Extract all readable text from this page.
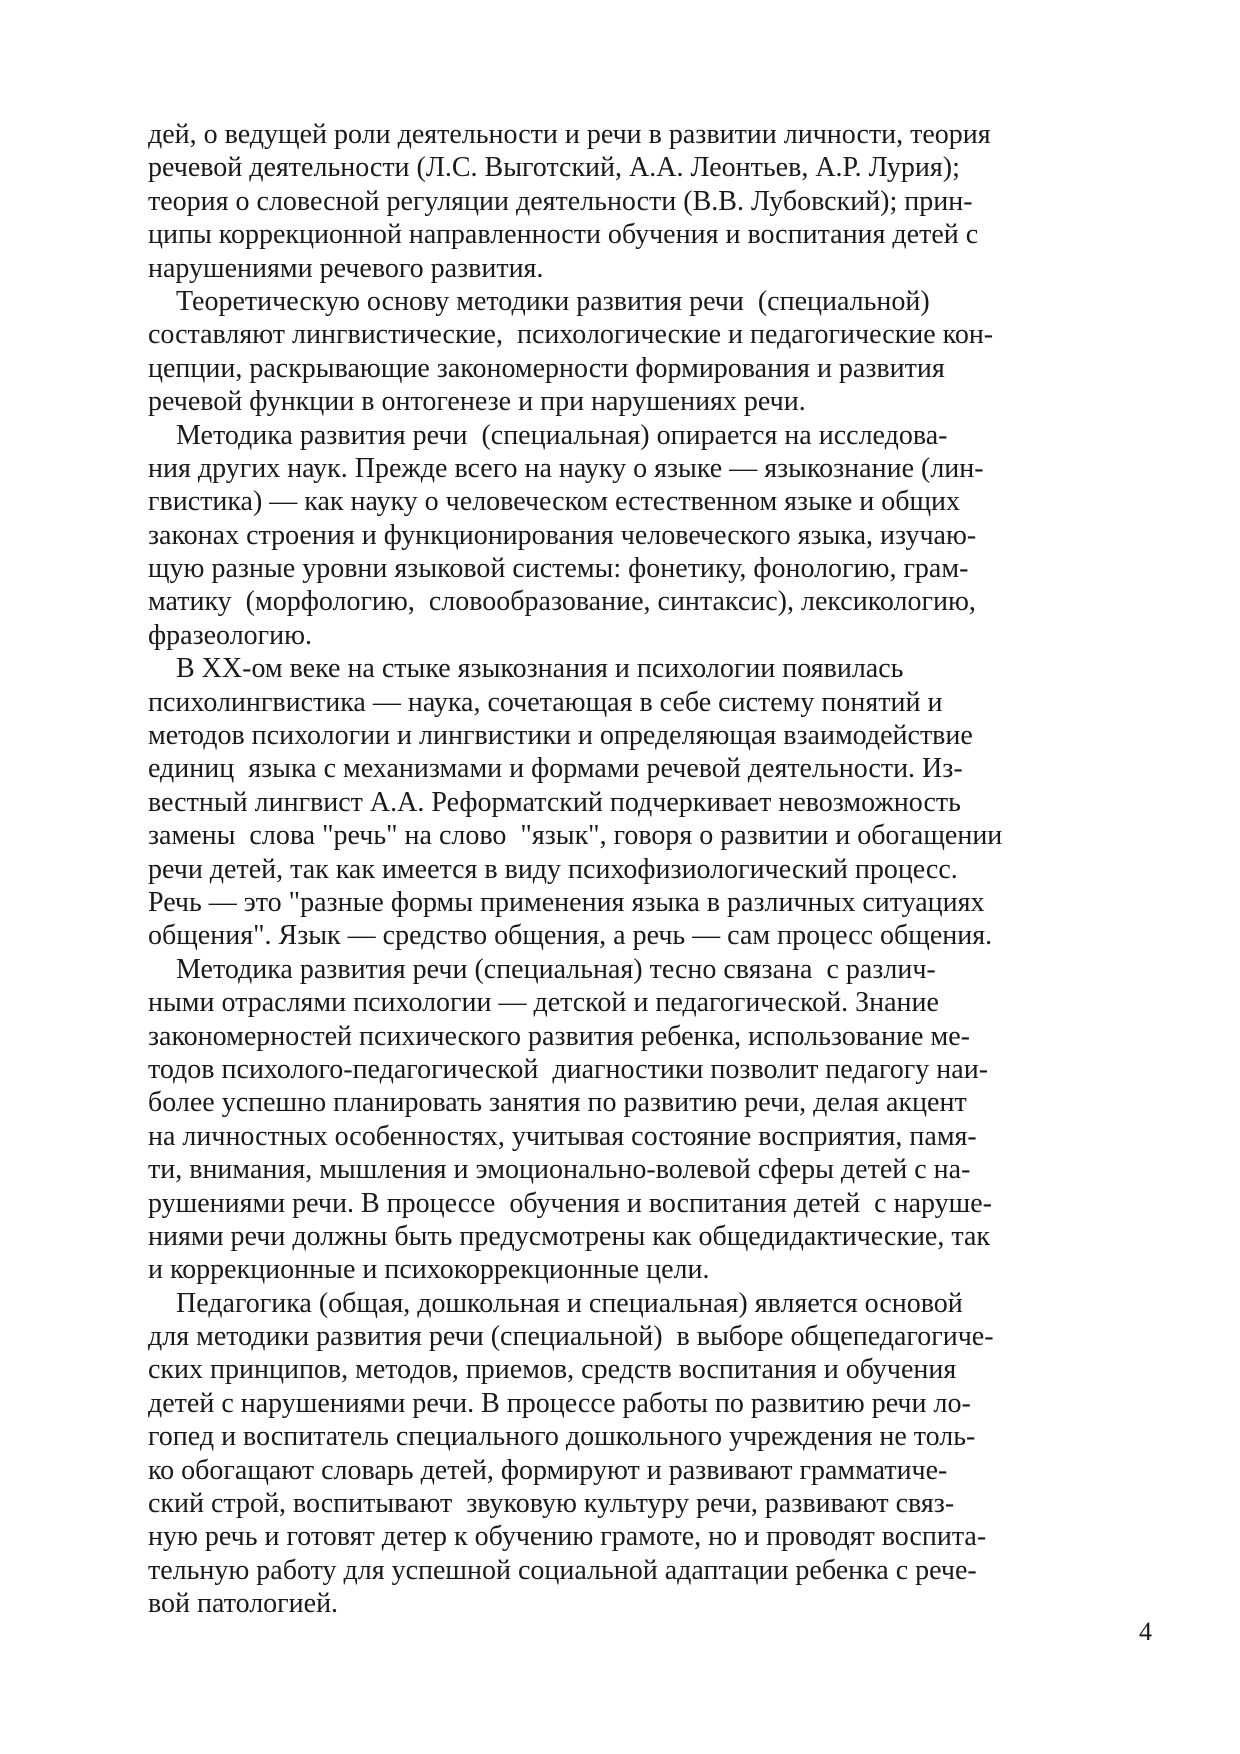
дей, о ведущей роли деятельности и речи в развитии личности, теория
речевой деятельности (Л.С. Выготский, А.А. Леонтьев, А.Р. Лурия);
теория о словесной регуляции деятельности (В.В. Лубовский); прин-
ципы коррекционной направленности обучения и воспитания детей с
нарушениями речевого развития.
Теоретическую основу методики развития речи  (специальной)
составляют лингвистические,  психологические и педагогические кон-
цепции, раскрывающие закономерности формирования и развития
речевой функции в онтогенезе и при нарушениях речи.
Методика развития речи  (специальная) опирается на исследова-
ния других наук. Прежде всего на науку о языке — языкознание (лин-
гвистика) — как науку о человеческом естественном языке и общих
законах строения и функционирования человеческого языка, изучаю-
щую разные уровни языковой системы: фонетику, фонологию, грам-
матику  (морфологию,  словообразование, синтаксис), лексикологию,
фразеологию.
В XX-ом веке на стыке языкознания и психологии появилась
психолингвистика — наука, сочетающая в себе систему понятий и
методов психологии и лингвистики и определяющая взаимодействие
единиц  языка с механизмами и формами речевой деятельности. Из-
вестный лингвист А.А. Реформатский подчеркивает невозможность
замены  слова "речь" на слово  "язык", говоря о развитии и обогащении
речи детей, так как имеется в виду психофизиологический процесс.
Речь — это "разные формы применения языка в различных ситуациях
общения". Язык — средство общения, а речь — сам процесс общения.
Методика развития речи (специальная) тесно связана  с различ-
ными отраслями психологии — детской и педагогической. Знание
закономерностей психического развития ребенка, использование ме-
тодов психолого-педагогической  диагностики позволит педагогу наи-
более успешно планировать занятия по развитию речи, делая акцент
на личностных особенностях, учитывая состояние восприятия, памя-
ти, внимания, мышления и эмоционально-волевой сферы детей с на-
рушениями речи. В процессе  обучения и воспитания детей  с наруше-
ниями речи должны быть предусмотрены как общедидактические, так
и коррекционные и психокоррекционные цели.
Педагогика (общая, дошкольная и специальная) является основой
для методики развития речи (специальной)  в выборе общепедагогиче-
ских принципов, методов, приемов, средств воспитания и обучения
детей с нарушениями речи. В процессе работы по развитию речи ло-
гопед и воспитатель специального дошкольного учреждения не толь-
ко обогащают словарь детей, формируют и развивают грамматиче-
ский строй, воспитывают  звуковую культуру речи, развивают связ-
ную речь и готовят детер к обучению грамоте, но и проводят воспита-
тельную работу для успешной социальной адаптации ребенка с рече-
вой патологией.
4
